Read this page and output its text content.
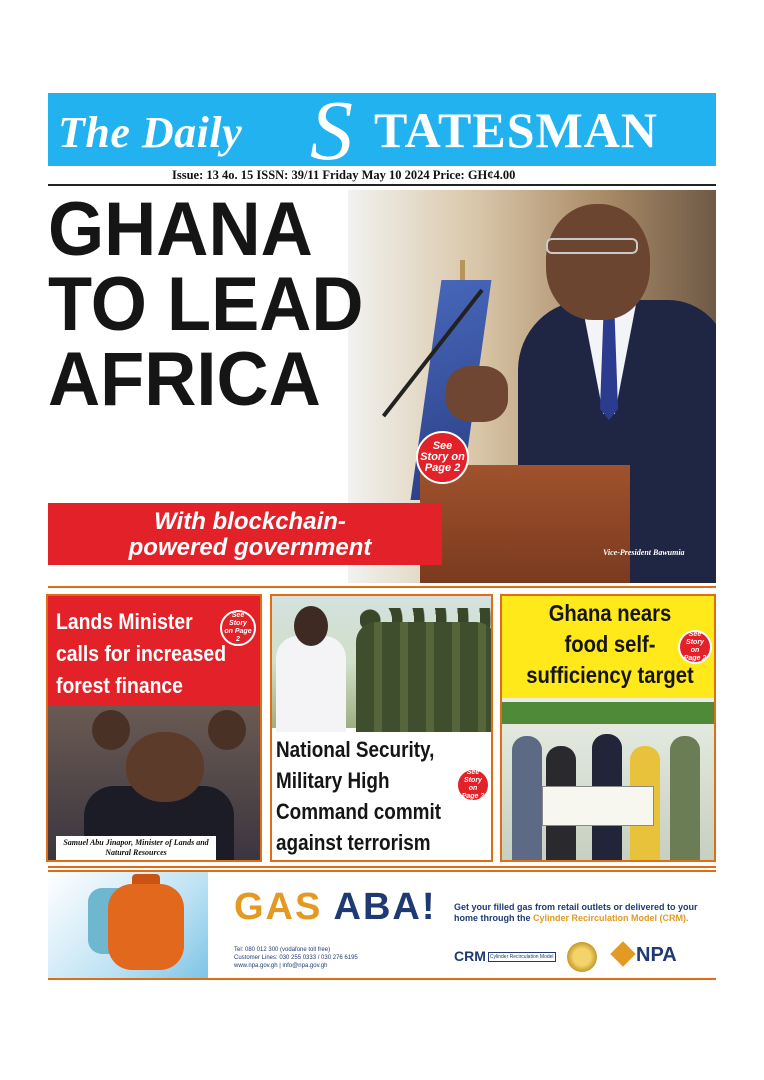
The Daily S TATESMAN
Issue: 13 4o. 15 ISSN: 39/11 Friday May 10 2024 Price: GH¢4.00
GHANA
TO LEAD
AFRICA
See Story on Page 2
With blockchain-
powered government	Vice-President Bawumia
Lands Minister
calls for increased
forest finance
See Story on Page 2
Samuel Abu Jinapor, Minister of Lands and Natural Resources
National Security,
Military High
Command commit
against terrorism
See Story on Page 3
Ghana nears
food self-
sufficiency target
See Story on Page 2
GAS ABA! Get your filled gas from retail outlets or delivered to your home through the Cylinder Recirculation Model (CRM).
Tel: 080 012 300 (vodafone toll free)
Customer Lines: 030 255 0333 / 030 276 6195
www.npa.gov.gh | info@npa.gov.gh
CRM Cylinder Recirculation Model	NPA
